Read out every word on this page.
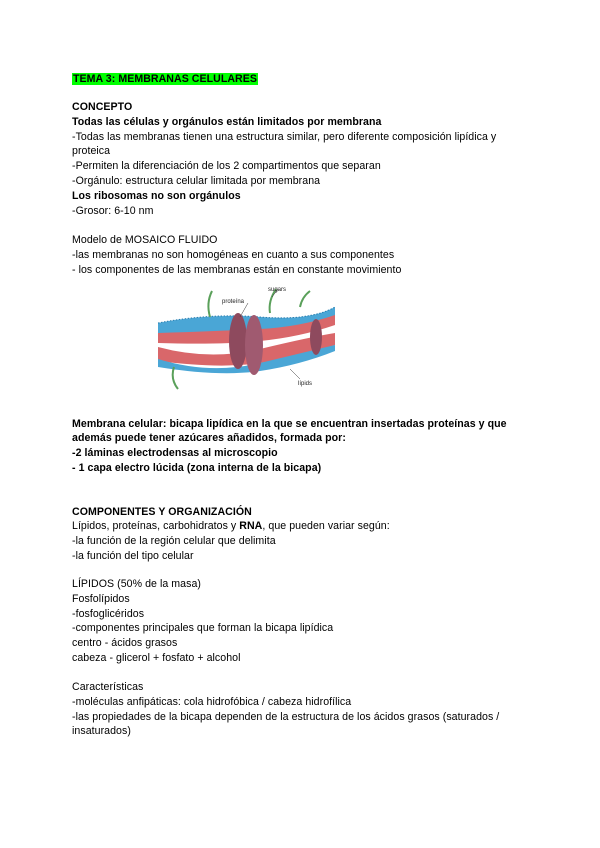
TEMA 3: MEMBRANAS CELULARES
CONCEPTO
Todas las células y orgánulos están limitados por membrana
-Todas las membranas tienen una estructura similar, pero diferente composición lipídica y
proteica
-Permiten la diferenciación de los 2 compartimentos que separan
-Orgánulo: estructura celular limitada por membrana
Los ribosomas no son orgánulos
-Grosor: 6-10 nm
Modelo de MOSAICO FLUIDO
-las membranas no son homogéneas en cuanto a sus componentes
- los componentes de las membranas están en constante movimiento
proteína
sugars
lípids
Membrana celular: bicapa lipídica en la que se encuentran insertadas proteínas y que
además puede tener azúcares añadidos, formada por:
-2 láminas electrodensas al microscopio
- 1 capa electro lúcida (zona interna de la bicapa)
COMPONENTES Y ORGANIZACIÓN
Lípidos, proteínas, carbohidratos y RNA, que pueden variar según:
-la función de la región celular que delimita
-la función del tipo celular
LÍPIDOS (50% de la masa)
Fosfolípidos
-fosfoglicéridos
-componentes principales que forman la bicapa lipídica
centro - ácidos grasos
cabeza - glicerol + fosfato + alcohol
Características
-moléculas anfipáticas: cola hidrofóbica / cabeza hidrofílica
-las propiedades de la bicapa dependen de la estructura de los ácidos grasos (saturados /
insaturados)
